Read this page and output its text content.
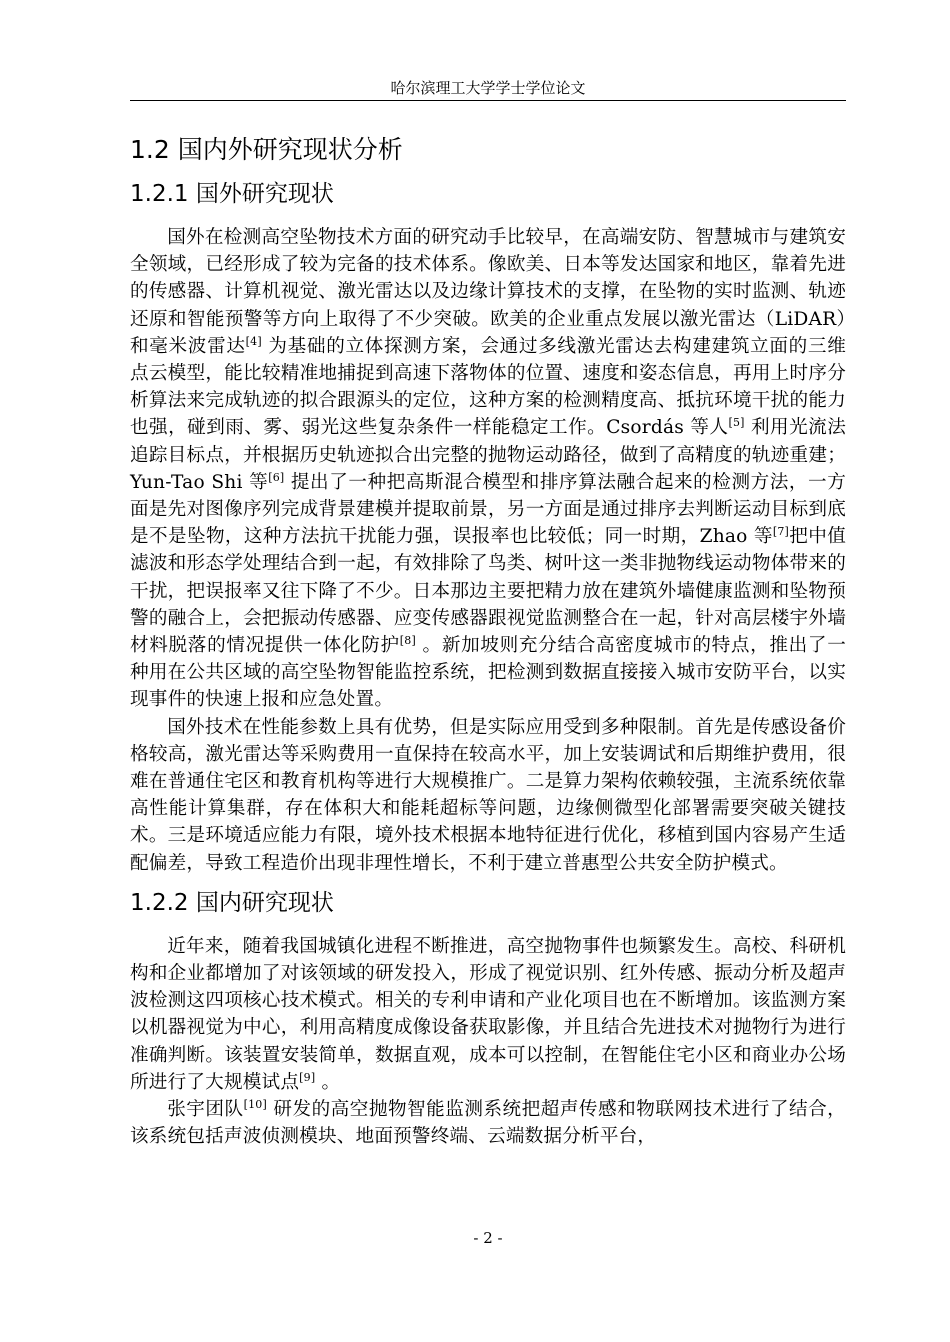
哈尔滨理工大学学士学位论文
1.2 国内外研究现状分析
1.2.1 国外研究现状

国外在检测高空坠物技术方面的研究动手比较早，在高端安防、智慧城市与建筑安全领域，已经形成了较为完备的技术体系。像欧美、日本等发达国家和地区，靠着先进的传感器、计算机视觉、激光雷达以及边缘计算技术的支撑，在坠物的实时监测、轨迹还原和智能预警等方向上取得了不少突破。欧美的企业重点发展以激光雷达（LiDAR）和毫米波雷达[4] 为基础的立体探测方案，会通过多线激光雷达去构建建筑立面的三维点云模型，能比较精准地捕捉到高速下落物体的位置、速度和姿态信息，再用上时序分析算法来完成轨迹的拟合跟源头的定位，这种方案的检测精度高、抵抗环境干扰的能力也强，碰到雨、雾、弱光这些复杂条件一样能稳定工作。Csordás 等人[5] 利用光流法追踪目标点，并根据历史轨迹拟合出完整的抛物运动路径，做到了高精度的轨迹重建；Yun-Tao Shi 等[6] 提出了一种把高斯混合模型和排序算法融合起来的检测方法，一方面是先对图像序列完成背景建模并提取前景，另一方面是通过排序去判断运动目标到底是不是坠物，这种方法抗干扰能力强，误报率也比较低；同一时期，Zhao 等[7]把中值滤波和形态学处理结合到一起，有效排除了鸟类、树叶这一类非抛物线运动物体带来的干扰，把误报率又往下降了不少。日本那边主要把精力放在建筑外墙健康监测和坠物预警的融合上，会把振动传感器、应变传感器跟视觉监测整合在一起，针对高层楼宇外墙材料脱落的情况提供一体化防护[8] 。新加坡则充分结合高密度城市的特点，推出了一种用在公共区域的高空坠物智能监控系统，把检测到数据直接接入城市安防平台，以实现事件的快速上报和应急处置。

国外技术在性能参数上具有优势，但是实际应用受到多种限制。首先是传感设备价格较高，激光雷达等采购费用一直保持在较高水平，加上安装调试和后期维护费用，很难在普通住宅区和教育机构等进行大规模推广。二是算力架构依赖较强，主流系统依靠高性能计算集群，存在体积大和能耗超标等问题，边缘侧微型化部署需要突破关键技术。三是环境适应能力有限，境外技术根据本地特征进行优化，移植到国内容易产生适配偏差，导致工程造价出现非理性增长，不利于建立普惠型公共安全防护模式。

1.2.2 国内研究现状

近年来，随着我国城镇化进程不断推进，高空抛物事件也频繁发生。高校、科研机构和企业都增加了对该领域的研发投入，形成了视觉识别、红外传感、振动分析及超声波检测这四项核心技术模式。相关的专利申请和产业化项目也在不断增加。该监测方案以机器视觉为中心，利用高精度成像设备获取影像，并且结合先进技术对抛物行为进行准确判断。该装置安装简单，数据直观，成本可以控制，在智能住宅小区和商业办公场所进行了大规模试点[9] 。

张宇团队[10] 研发的高空抛物智能监测系统把超声传感和物联网技术进行了结合，该系统包括声波侦测模块、地面预警终端、云端数据分析平台，

- 2 -
